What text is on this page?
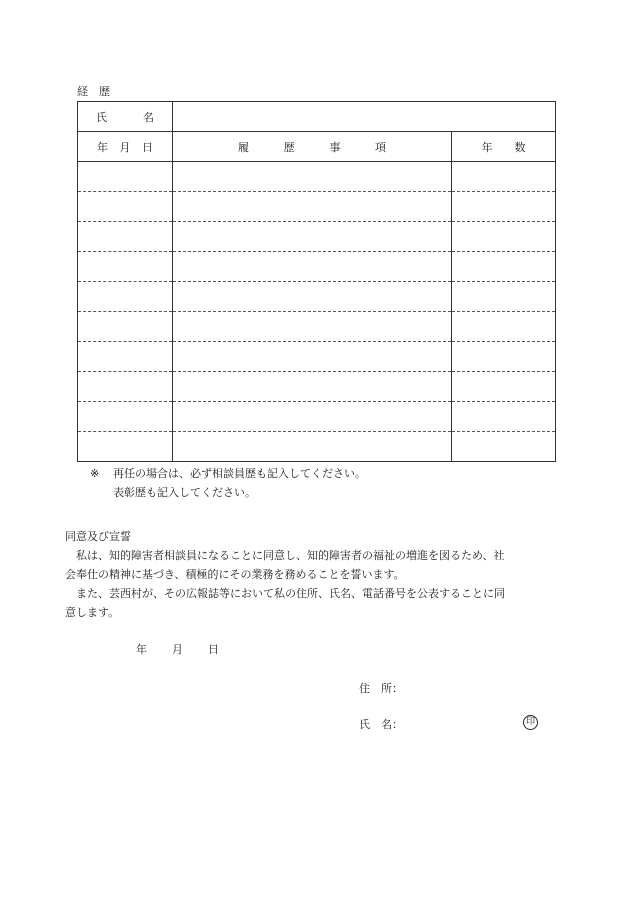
経　歴
氏 名		

年 月 日	履 歴 事 項	年 数

※ 再任の場合は、必ず相談員歴も記入してください。
表彰歴も記入してください。
同意及び宣誓
　私は、知的障害者相談員になることに同意し、知的障害者の福祉の増進を図るため、社
会奉仕の精神に基づき、積極的にその業務を務めることを誓います。
　また、芸西村が、その広報誌等において私の住所、氏名、電話番号を公表することに同
意します。
年 月 日
住　所：
氏　名：	印
